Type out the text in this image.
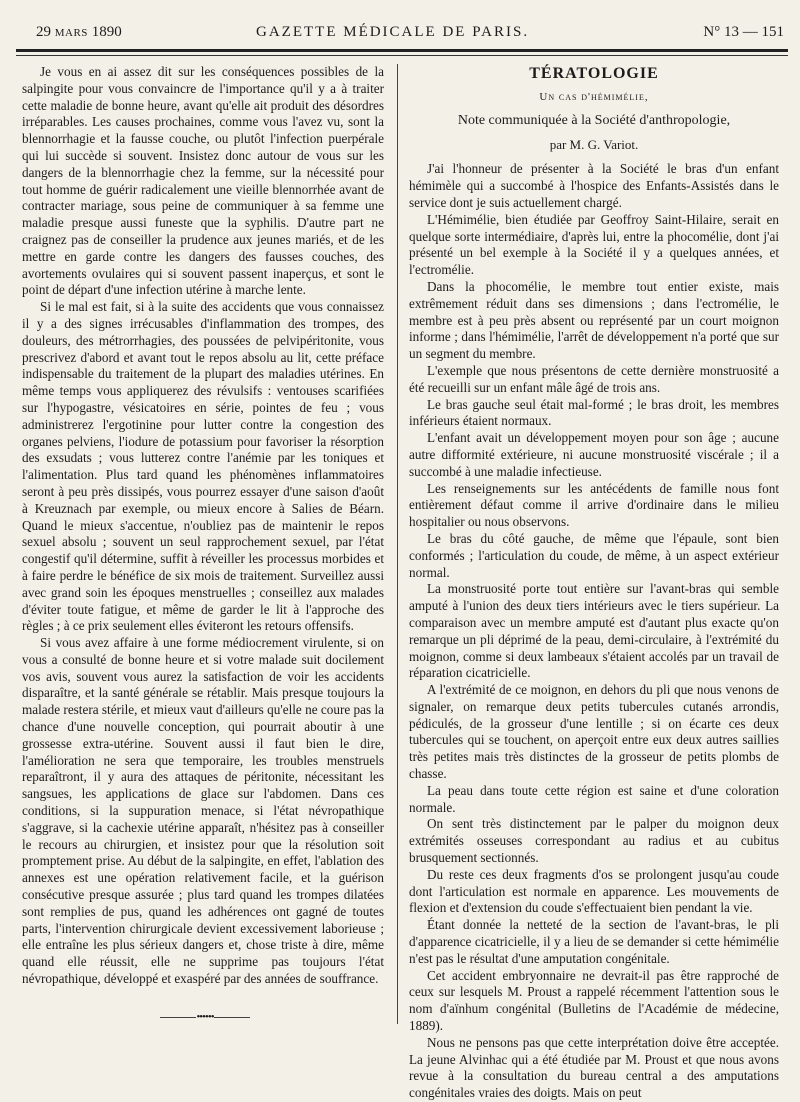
29 MARS 1890	GAZETTE MÉDICALE DE PARIS.	N° 13 — 151

Je vous en ai assez dit sur les conséquences possibles de la salpingite pour vous convaincre de l'importance qu'il y a à traiter cette maladie de bonne heure, avant qu'elle ait produit des désordres irréparables. Les causes prochaines, comme vous l'avez vu, sont la blennorrhagie et la fausse couche, ou plutôt l'infection puerpérale qui lui succède si souvent. Insistez donc autour de vous sur les dangers de la blennorrhagie chez la femme, sur la nécessité pour tout homme de guérir radicalement une vieille blennorrhée avant de contracter mariage, sous peine de communiquer à sa femme une maladie presque aussi funeste que la syphilis. D'autre part ne craignez pas de conseiller la prudence aux jeunes mariés, et de les mettre en garde contre les dangers des fausses couches, des avortements ovulaires qui si souvent passent inaperçus, et sont le point de départ d'une infection utérine à marche lente.

Si le mal est fait, si à la suite des accidents que vous connaissez il y a des signes irrécusables d'inflammation des trompes, des douleurs, des métrorrhagies, des poussées de pelvipéritonite, vous prescrivez d'abord et avant tout le repos absolu au lit, cette préface indispensable du traitement de la plupart des maladies utérines. En même temps vous appliquerez des révulsifs : ventouses scarifiées sur l'hypogastre, vésicatoires en série, pointes de feu ; vous administrerez l'ergotinine pour lutter contre la congestion des organes pelviens, l'iodure de potassium pour favoriser la résorption des exsudats ; vous lutterez contre l'anémie par les toniques et l'alimentation. Plus tard quand les phénomènes inflammatoires seront à peu près dissipés, vous pourrez essayer d'une saison d'août à Kreuznach par exemple, ou mieux encore à Salies de Béarn. Quand le mieux s'accentue, n'oubliez pas de maintenir le repos sexuel absolu ; souvent un seul rapprochement sexuel, par l'état congestif qu'il détermine, suffit à réveiller les processus morbides et à faire perdre le bénéfice de six mois de traitement. Surveillez aussi avec grand soin les époques menstruelles ; conseillez aux malades d'éviter toute fatigue, et même de garder le lit à l'approche des règles ; à ce prix seulement elles éviteront les retours offensifs.

Si vous avez affaire à une forme médiocrement virulente, si on vous a consulté de bonne heure et si votre malade suit docilement vos avis, souvent vous aurez la satisfaction de voir les accidents disparaître, et la santé générale se rétablir. Mais presque toujours la malade restera stérile, et mieux vaut d'ailleurs qu'elle ne coure pas la chance d'une nouvelle conception, qui pourrait aboutir à une grossesse extra-utérine. Souvent aussi il faut bien le dire, l'amélioration ne sera que temporaire, les troubles menstruels reparaîtront, il y aura des attaques de péritonite, nécessitant les sangsues, les applications de glace sur l'abdomen. Dans ces conditions, si la suppuration menace, si l'état névropathique s'aggrave, si la cachexie utérine apparaît, n'hésitez pas à conseiller le recours au chirurgien, et insistez pour que la résolution soit promptement prise. Au début de la salpingite, en effet, l'ablation des annexes est une opération relativement facile, et la guérison consécutive presque assurée ; plus tard quand les trompes dilatées sont remplies de pus, quand les adhérences ont gagné de toutes parts, l'intervention chirurgicale devient excessivement laborieuse ; elle entraîne les plus sérieux dangers et, chose triste à dire, même quand elle réussit, elle ne supprime pas toujours l'état névropathique, développé et exaspéré par des années de souffrance.

••••••
TÉRATOLOGIE
Un cas d'hémimélie,
Note communiquée à la Société d'anthropologie,
par M. G. Variot.

J'ai l'honneur de présenter à la Société le bras d'un enfant hémimèle qui a succombé à l'hospice des Enfants-Assistés dans le service dont je suis actuellement chargé.

L'Hémimélie, bien étudiée par Geoffroy Saint-Hilaire, serait en quelque sorte intermédiaire, d'après lui, entre la phocomélie, dont j'ai présenté un bel exemple à la Société il y a quelques années, et l'ectromélie.

Dans la phocomélie, le membre tout entier existe, mais extrêmement réduit dans ses dimensions ; dans l'ectromélie, le membre est à peu près absent ou représenté par un court moignon informe ; dans l'hémimélie, l'arrêt de développement n'a porté que sur un segment du membre.

L'exemple que nous présentons de cette dernière monstruosité a été recueilli sur un enfant mâle âgé de trois ans.

Le bras gauche seul était mal-formé ; le bras droit, les membres inférieurs étaient normaux.

L'enfant avait un développement moyen pour son âge ; aucune autre difformité extérieure, ni aucune monstruosité viscérale ; il a succombé à une maladie infectieuse.

Les renseignements sur les antécédents de famille nous font entièrement défaut comme il arrive d'ordinaire dans le milieu hospitalier ou nous observons.

Le bras du côté gauche, de même que l'épaule, sont bien conformés ; l'articulation du coude, de même, à un aspect extérieur normal.

La monstruosité porte tout entière sur l'avant-bras qui semble amputé à l'union des deux tiers intérieurs avec le tiers supérieur. La comparaison avec un membre amputé est d'autant plus exacte qu'on remarque un pli déprimé de la peau, demi-circulaire, à l'extrémité du moignon, comme si deux lambeaux s'étaient accolés par un travail de réparation cicatricielle.

A l'extrémité de ce moignon, en dehors du pli que nous venons de signaler, on remarque deux petits tubercules cutanés arrondis, pédiculés, de la grosseur d'une lentille ; si on écarte ces deux tubercules qui se touchent, on aperçoit entre eux deux autres saillies très petites mais très distinctes de la grosseur de petits plombs de chasse.

La peau dans toute cette région est saine et d'une coloration normale.

On sent très distinctement par le palper du moignon deux extrémités osseuses correspondant au radius et au cubitus brusquement sectionnés.

Du reste ces deux fragments d'os se prolongent jusqu'au coude dont l'articulation est normale en apparence. Les mouvements de flexion et d'extension du coude s'effectuaient bien pendant la vie.

Étant donnée la netteté de la section de l'avant-bras, le pli d'apparence cicatricielle, il y a lieu de se demander si cette hémimélie n'est pas le résultat d'une amputation congénitale.

Cet accident embryonnaire ne devrait-il pas être rapproché de ceux sur lesquels M. Proust a rappelé récemment l'attention sous le nom d'aïnhum congénital (Bulletins de l'Académie de médecine, 1889).

Nous ne pensons pas que cette interprétation doive être acceptée. La jeune Alvinhac qui a été étudiée par M. Proust et que nous avons revue à la consultation du bureau central a des amputations congénitales vraies des doigts. Mais on peut
